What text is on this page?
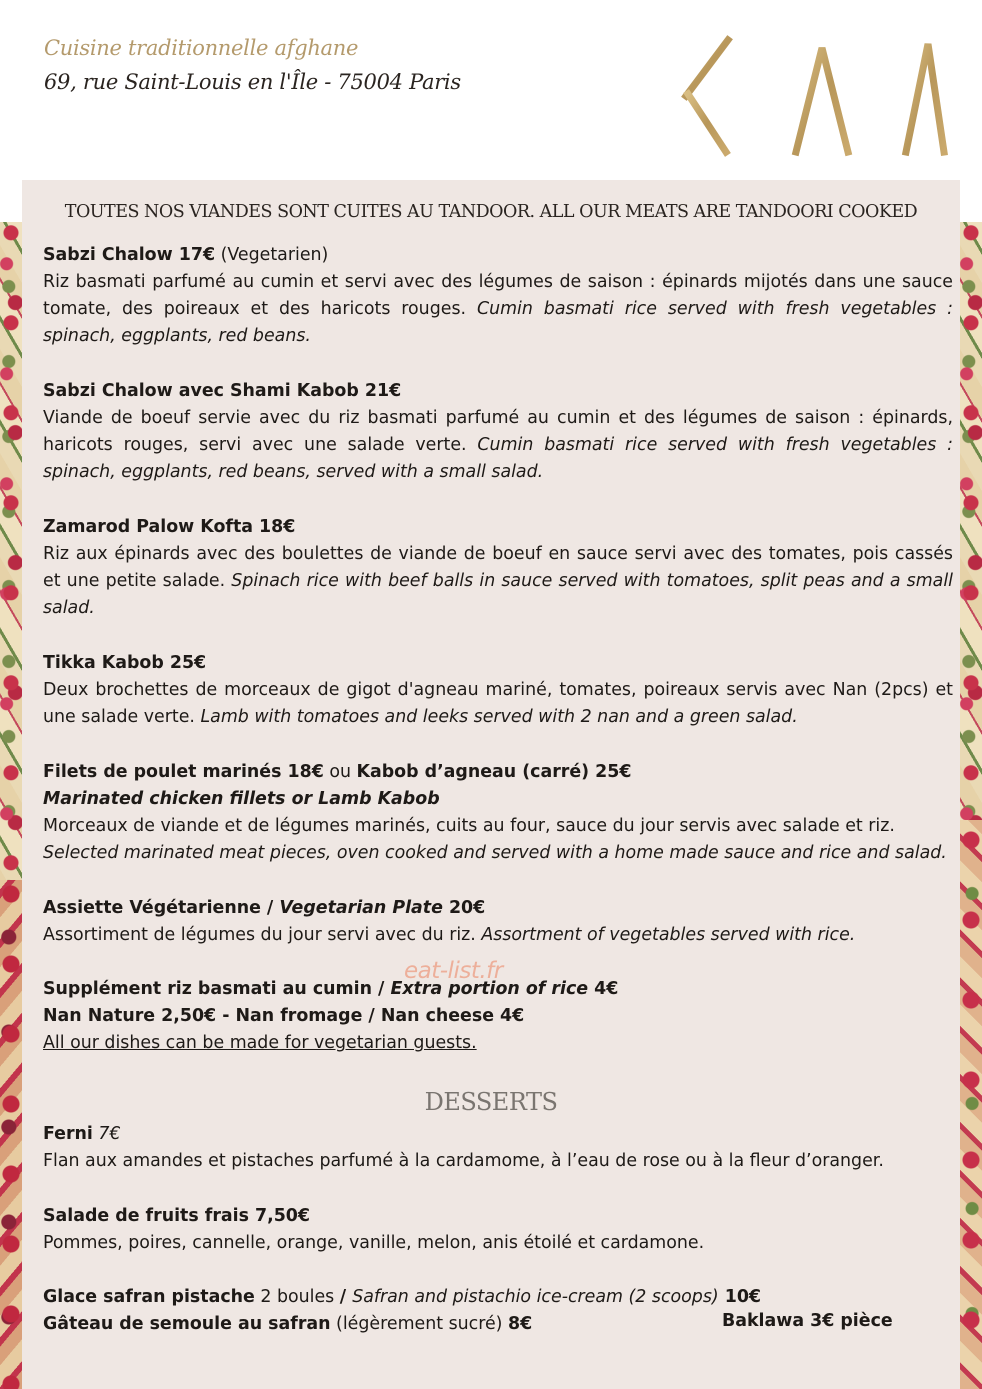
Cuisine traditionnelle afghane
69, rue Saint-Louis en l'Île - 75004 Paris
TOUTES NOS VIANDES SONT CUITES AU TANDOOR. ALL OUR MEATS ARE TANDOORI COOKED

Sabzi Chalow 17€ (Vegetarien)

Riz basmati parfumé au cumin et servi avec des légumes de saison : épinards mijotés dans une sauce tomate, des poireaux et des haricots rouges. Cumin basmati rice served with fresh vegetables : spinach, eggplants, red beans.

Sabzi Chalow avec Shami Kabob 21€

Viande de boeuf servie avec du riz basmati parfumé au cumin et des légumes de saison : épinards, haricots rouges, servi avec une salade verte. Cumin basmati rice served with fresh vegetables : spinach, eggplants, red beans, served with a small salad.

Zamarod Palow Kofta 18€

Riz aux épinards avec des boulettes de viande de boeuf en sauce servi avec des tomates, pois cassés et une petite salade. Spinach rice with beef balls in sauce served with tomatoes, split peas and a small salad.

Tikka Kabob 25€

Deux brochettes de morceaux de gigot d'agneau mariné, tomates, poireaux servis avec Nan (2pcs) et une salade verte. Lamb with tomatoes and leeks served with 2 nan and a green salad.

Filets de poulet marinés 18€ ou Kabob d’agneau (carré) 25€

Marinated chicken fillets or Lamb Kabob

Morceaux de viande et de légumes marinés, cuits au four, sauce du jour servis avec salade et riz.

Selected marinated meat pieces, oven cooked and served with a home made sauce and rice and salad.

Assiette Végétarienne / Vegetarian Plate 20€

Assortiment de légumes du jour servi avec du riz. Assortment of vegetables served with rice.

Supplément riz basmati au cumin / Extra portion of rice 4€

Nan Nature 2,50€ - Nan fromage / Nan cheese 4€

All our dishes can be made for vegetarian guests.

eat-list.fr
DESSERTS

Ferni 7€

Flan aux amandes et pistaches parfumé à la cardamome, à l’eau de rose ou à la fleur d’oranger.

Salade de fruits frais 7,50€

Pommes, poires, cannelle, orange, vanille, melon, anis étoilé et cardamone.

Glace safran pistache 2 boules / Safran and pistachio ice-cream (2 scoops) 10€

Gâteau de semoule au safran (légèrement sucré) 8€	Baklawa 3€ pièce
